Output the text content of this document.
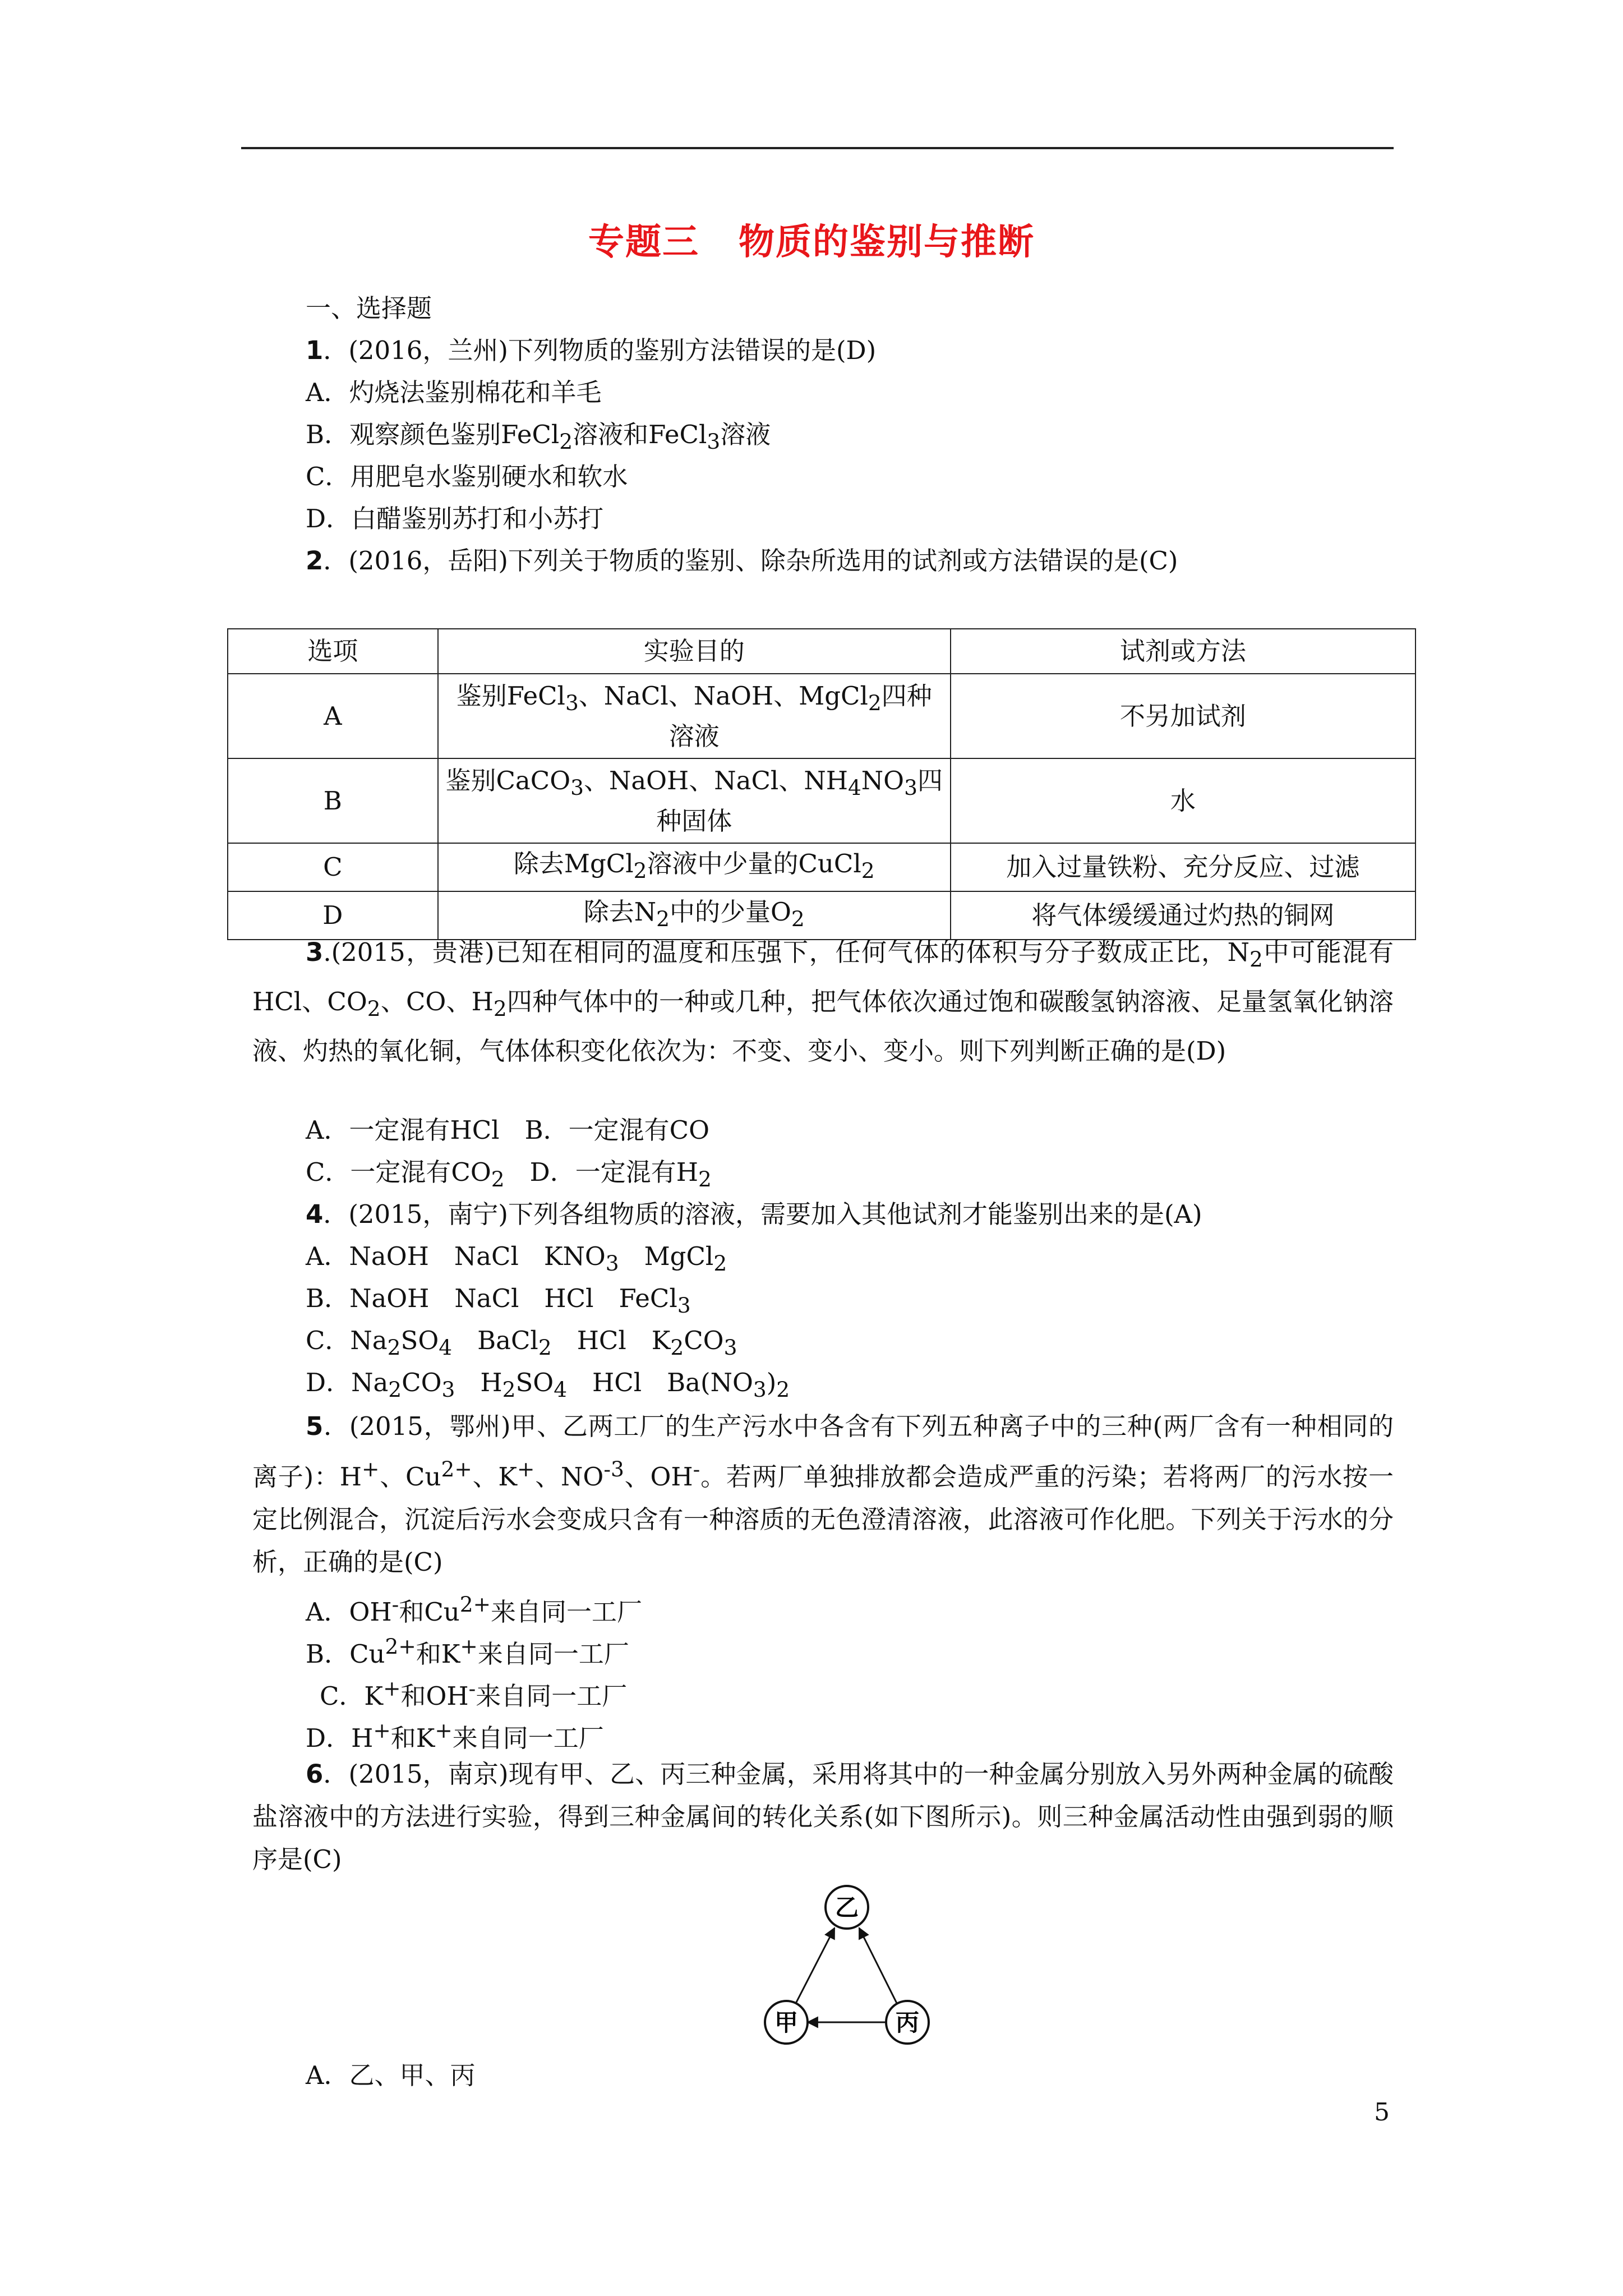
专题三 物质的鉴别与推断
一、选择题
1．(2016，兰州)下列物质的鉴别方法错误的是(D)
A．灼烧法鉴别棉花和羊毛
B．观察颜色鉴别FeCl$_2$溶液和FeCl$_3$溶液
C．用肥皂水鉴别硬水和软水
D．白醋鉴别苏打和小苏打
2．(2016，岳阳)下列关于物质的鉴别、除杂所选用的试剂或方法错误的是(C)
选项	实验目的	试剂或方法
A	鉴别FeCl$_3$、NaCl、NaOH、MgCl$_2$四种溶液	不另加试剂
B	鉴别CaCO$_3$、NaOH、NaCl、$NH_4NO_3$四种固体	水
C	除去MgCl$_2$溶液中少量的CuCl$_2$	加入过量铁粉、充分反应、过滤
D	除去$N_2$中的少量$O_2$	将气体缓缓通过灼热的铜网
3.(2015，贵港)已知在相同的温度和压强下，任何气体的体积与分子数成正比，$N_2$中可能混有HCl、$CO_2$、CO、$H_2$四种气体中的一种或几种，把气体依次通过饱和碳酸氢钠溶液、足量氢氧化钠溶液、灼热的氧化铜，气体体积变化依次为：不变、变小、变小。则下列判断正确的是(D)
A．一定混有HCl　B．一定混有CO
C．一定混有$CO_2$　D．一定混有$H_2$
4．(2015，南宁)下列各组物质的溶液，需要加入其他试剂才能鉴别出来的是(A)
A．NaOH　NaCl　$KNO_3$　MgCl$_2$
B．NaOH　NaCl　HCl　FeCl$_3$
C．$Na_2SO_4$　BaCl$_2$　HCl　$K_2CO_3$
D．$Na_2CO_3$　$H_2SO_4$　HCl　$Ba(NO_3)_2$
5．(2015，鄂州)甲、乙两工厂的生产污水中各含有下列五种离子中的三种(两厂含有一种相同的离子)：H+、$Cu^{2+}$、K+、$NO^{-3}$、OH-。若两厂单独排放都会造成严重的污染；若将两厂的污水按一定比例混合，沉淀后污水会变成只含有一种溶质的无色澄清溶液，此溶液可作化肥。下列关于污水的分析，正确的是(C)
A．OH-和$Cu^{2+}$来自同一工厂
B．$Cu^{2+}$和K+来自同一工厂
C．K+和OH-来自同一工厂
D．H+和K+来自同一工厂
6．(2015，南京)现有甲、乙、丙三种金属，采用将其中的一种金属分别放入另外两种金属的硫酸盐溶液中的方法进行实验，得到三种金属间的转化关系(如下图所示)。则三种金属活动性由强到弱的顺序是(C)
乙
甲	丙
A．乙、甲、丙
5
